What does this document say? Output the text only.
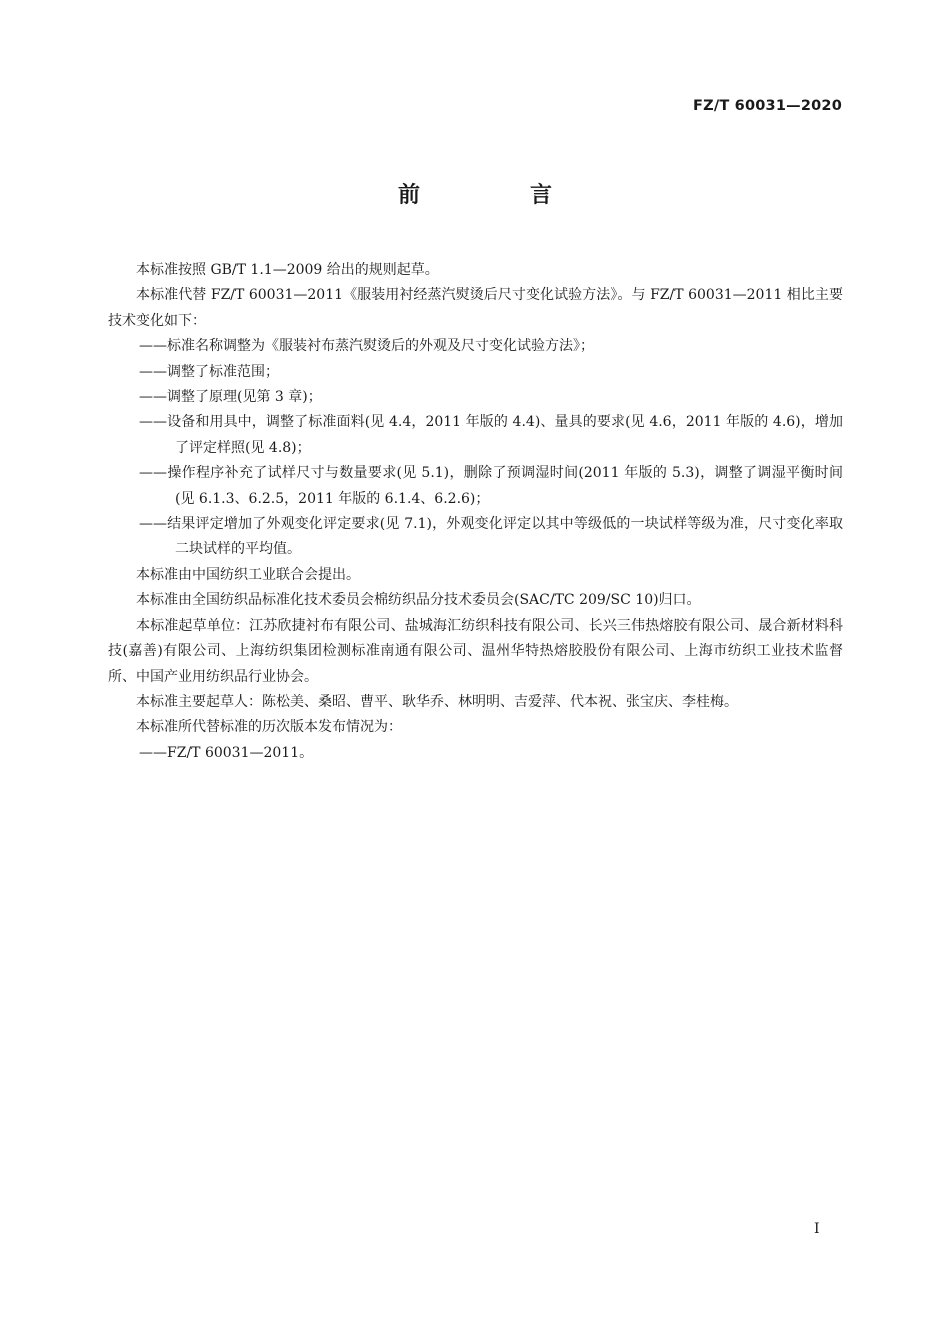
FZ/T 60031—2020
前　言

本标准按照 GB/T 1.1—2009 给出的规则起草。

本标准代替 FZ/T 60031—2011《服装用衬经蒸汽熨烫后尺寸变化试验方法》。与 FZ/T 60031—2011 相比主要技术变化如下：

——标准名称调整为《服装衬布蒸汽熨烫后的外观及尺寸变化试验方法》；

——调整了标准范围；

——调整了原理(见第 3 章)；

——设备和用具中，调整了标准面料(见 4.4，2011 年版的 4.4)、量具的要求(见 4.6，2011 年版的 4.6)，增加了评定样照(见 4.8)；

——操作程序补充了试样尺寸与数量要求(见 5.1)，删除了预调湿时间(2011 年版的 5.3)，调整了调湿平衡时间(见 6.1.3、6.2.5，2011 年版的 6.1.4、6.2.6)；

——结果评定增加了外观变化评定要求(见 7.1)，外观变化评定以其中等级低的一块试样等级为准，尺寸变化率取二块试样的平均值。

本标准由中国纺织工业联合会提出。

本标准由全国纺织品标准化技术委员会棉纺织品分技术委员会(SAC/TC 209/SC 10)归口。

本标准起草单位：江苏欣捷衬布有限公司、盐城海汇纺织科技有限公司、长兴三伟热熔胶有限公司、晟合新材料科技(嘉善)有限公司、上海纺织集团检测标准南通有限公司、温州华特热熔胶股份有限公司、上海市纺织工业技术监督所、中国产业用纺织品行业协会。

本标准主要起草人：陈松美、桑昭、曹平、耿华乔、林明明、吉爱萍、代本祝、张宝庆、李桂梅。

本标准所代替标准的历次版本发布情况为：

——FZ/T 60031—2011。

I
